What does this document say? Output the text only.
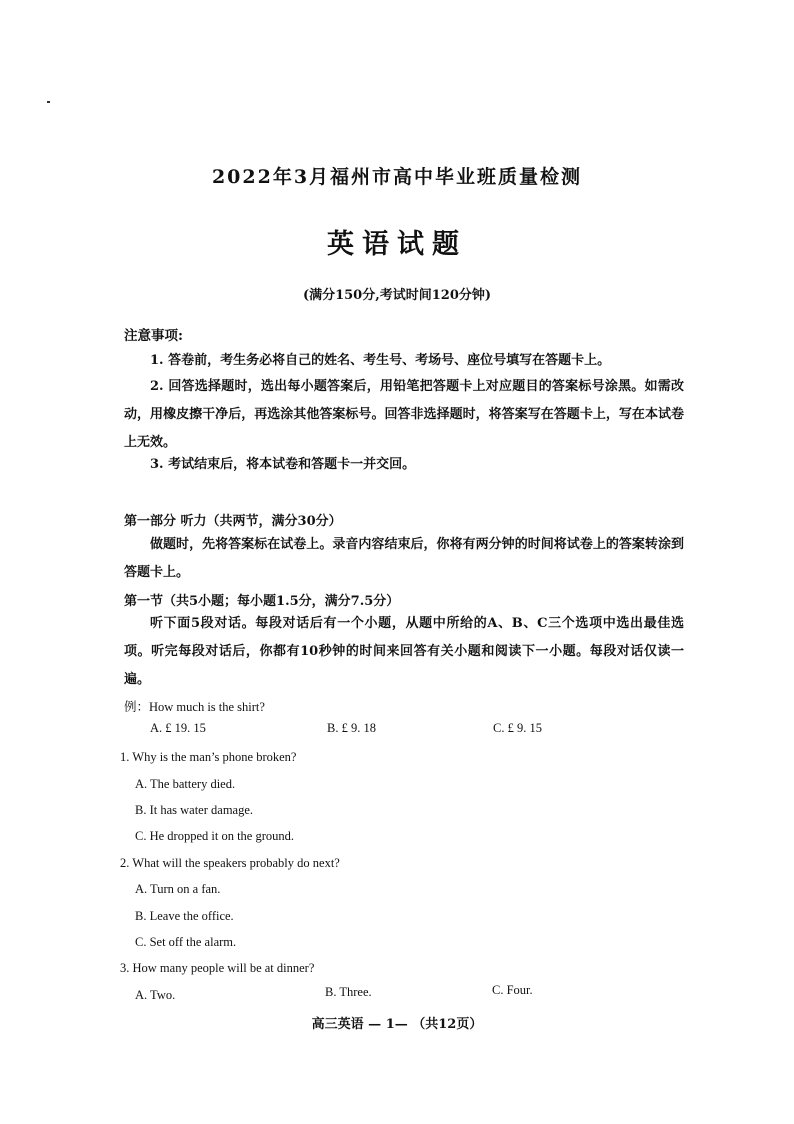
2022年3月福州市高中毕业班质量检测
英语试题
(满分150分,考试时间120分钟)
注意事项:
1. 答卷前，考生务必将自己的姓名、考生号、考场号、座位号填写在答题卡上。
2. 回答选择题时，选出每小题答案后，用铅笔把答题卡上对应题目的答案标号涂黑。如需改动，用橡皮擦干净后，再选涂其他答案标号。回答非选择题时，将答案写在答题卡上，写在本试卷上无效。
3. 考试结束后，将本试卷和答题卡一并交回。
第一部分 听力（共两节，满分30分）
做题时，先将答案标在试卷上。录音内容结束后，你将有两分钟的时间将试卷上的答案转涂到答题卡上。
第一节（共5小题；每小题1.5分，满分7.5分）
听下面5段对话。每段对话后有一个小题，从题中所给的A、B、C三个选项中选出最佳选项。听完每段对话后，你都有10秒钟的时间来回答有关小题和阅读下一小题。每段对话仅读一遍。
例：How much is the shirt?
A. £ 19. 15	B. £ 9. 18	C. £ 9. 15
1. Why is the man’s phone broken?
A. The battery died.
B. It has water damage.
C. He dropped it on the ground.
2. What will the speakers probably do next?
A. Turn on a fan.
B. Leave the office.
C. Set off the alarm.
3. How many people will be at dinner?
A. Two.	B. Three.	C. Four.
高三英语 — 1— （共12页）
